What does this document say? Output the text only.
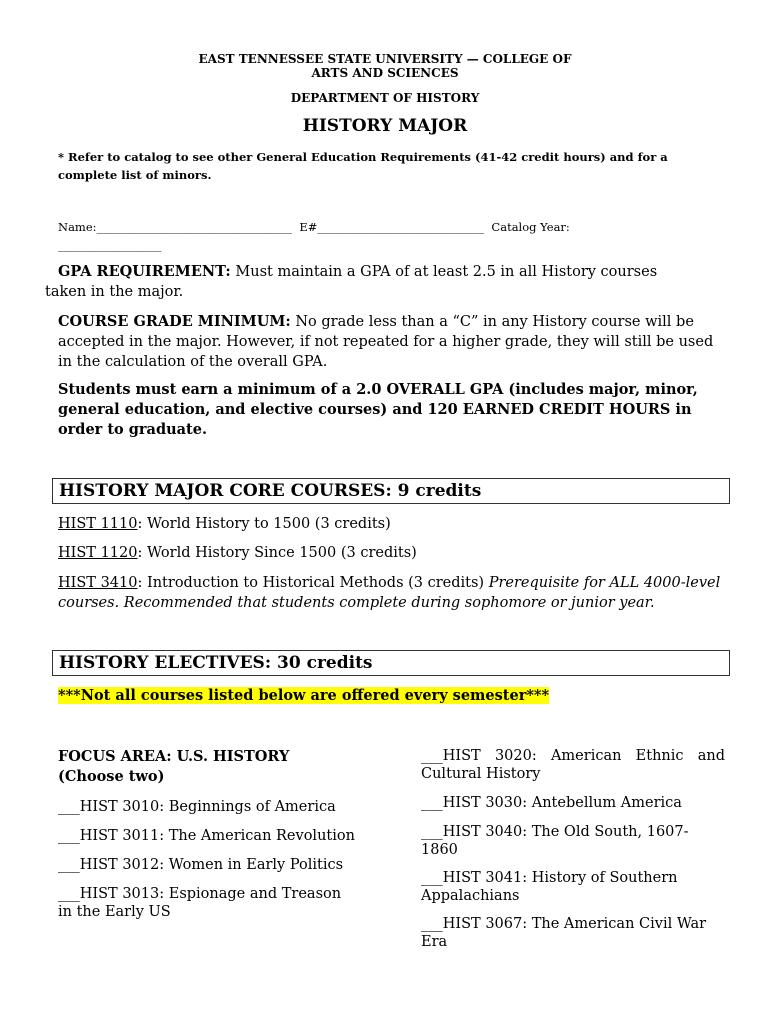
EAST TENNESSEE STATE UNIVERSITY — COLLEGE OF
ARTS AND SCIENCES
DEPARTMENT OF HISTORY
HISTORY MAJOR
* Refer to catalog to see other General Education Requirements (41-42 credit hours) and for a complete list of minors.
Name:__________________________________ E#_____________________________ Catalog Year:
__________________
GPA REQUIREMENT: Must maintain a GPA of at least 2.5 in all History courses
taken in the major.
COURSE GRADE MINIMUM: No grade less than a “C” in any History course will be accepted in the major. However, if not repeated for a higher grade, they will still be used in the calculation of the overall GPA.
Students must earn a minimum of a 2.0 OVERALL GPA (includes major, minor, general education, and elective courses) and 120 EARNED CREDIT HOURS in order to graduate.
HISTORY MAJOR CORE COURSES: 9 credits
HIST 1110: World History to 1500 (3 credits)
HIST 1120: World History Since 1500 (3 credits)
HIST 3410: Introduction to Historical Methods (3 credits) Prerequisite for ALL 4000-level courses. Recommended that students complete during sophomore or junior year.
HISTORY ELECTIVES: 30 credits
***Not all courses listed below are offered every semester***

FOCUS AREA: U.S. HISTORY

(Choose two)

___HIST 3010: Beginnings of America

___HIST 3011: The American Revolution

___HIST 3012: Women in Early Politics

___HIST 3013: Espionage and Treason in the Early US

___HIST 3020: American Ethnic and Cultural History

___HIST 3030: Antebellum America

___HIST 3040: The Old South, 1607-1860

___HIST 3041: History of Southern Appalachians

___HIST 3067: The American Civil War Era
